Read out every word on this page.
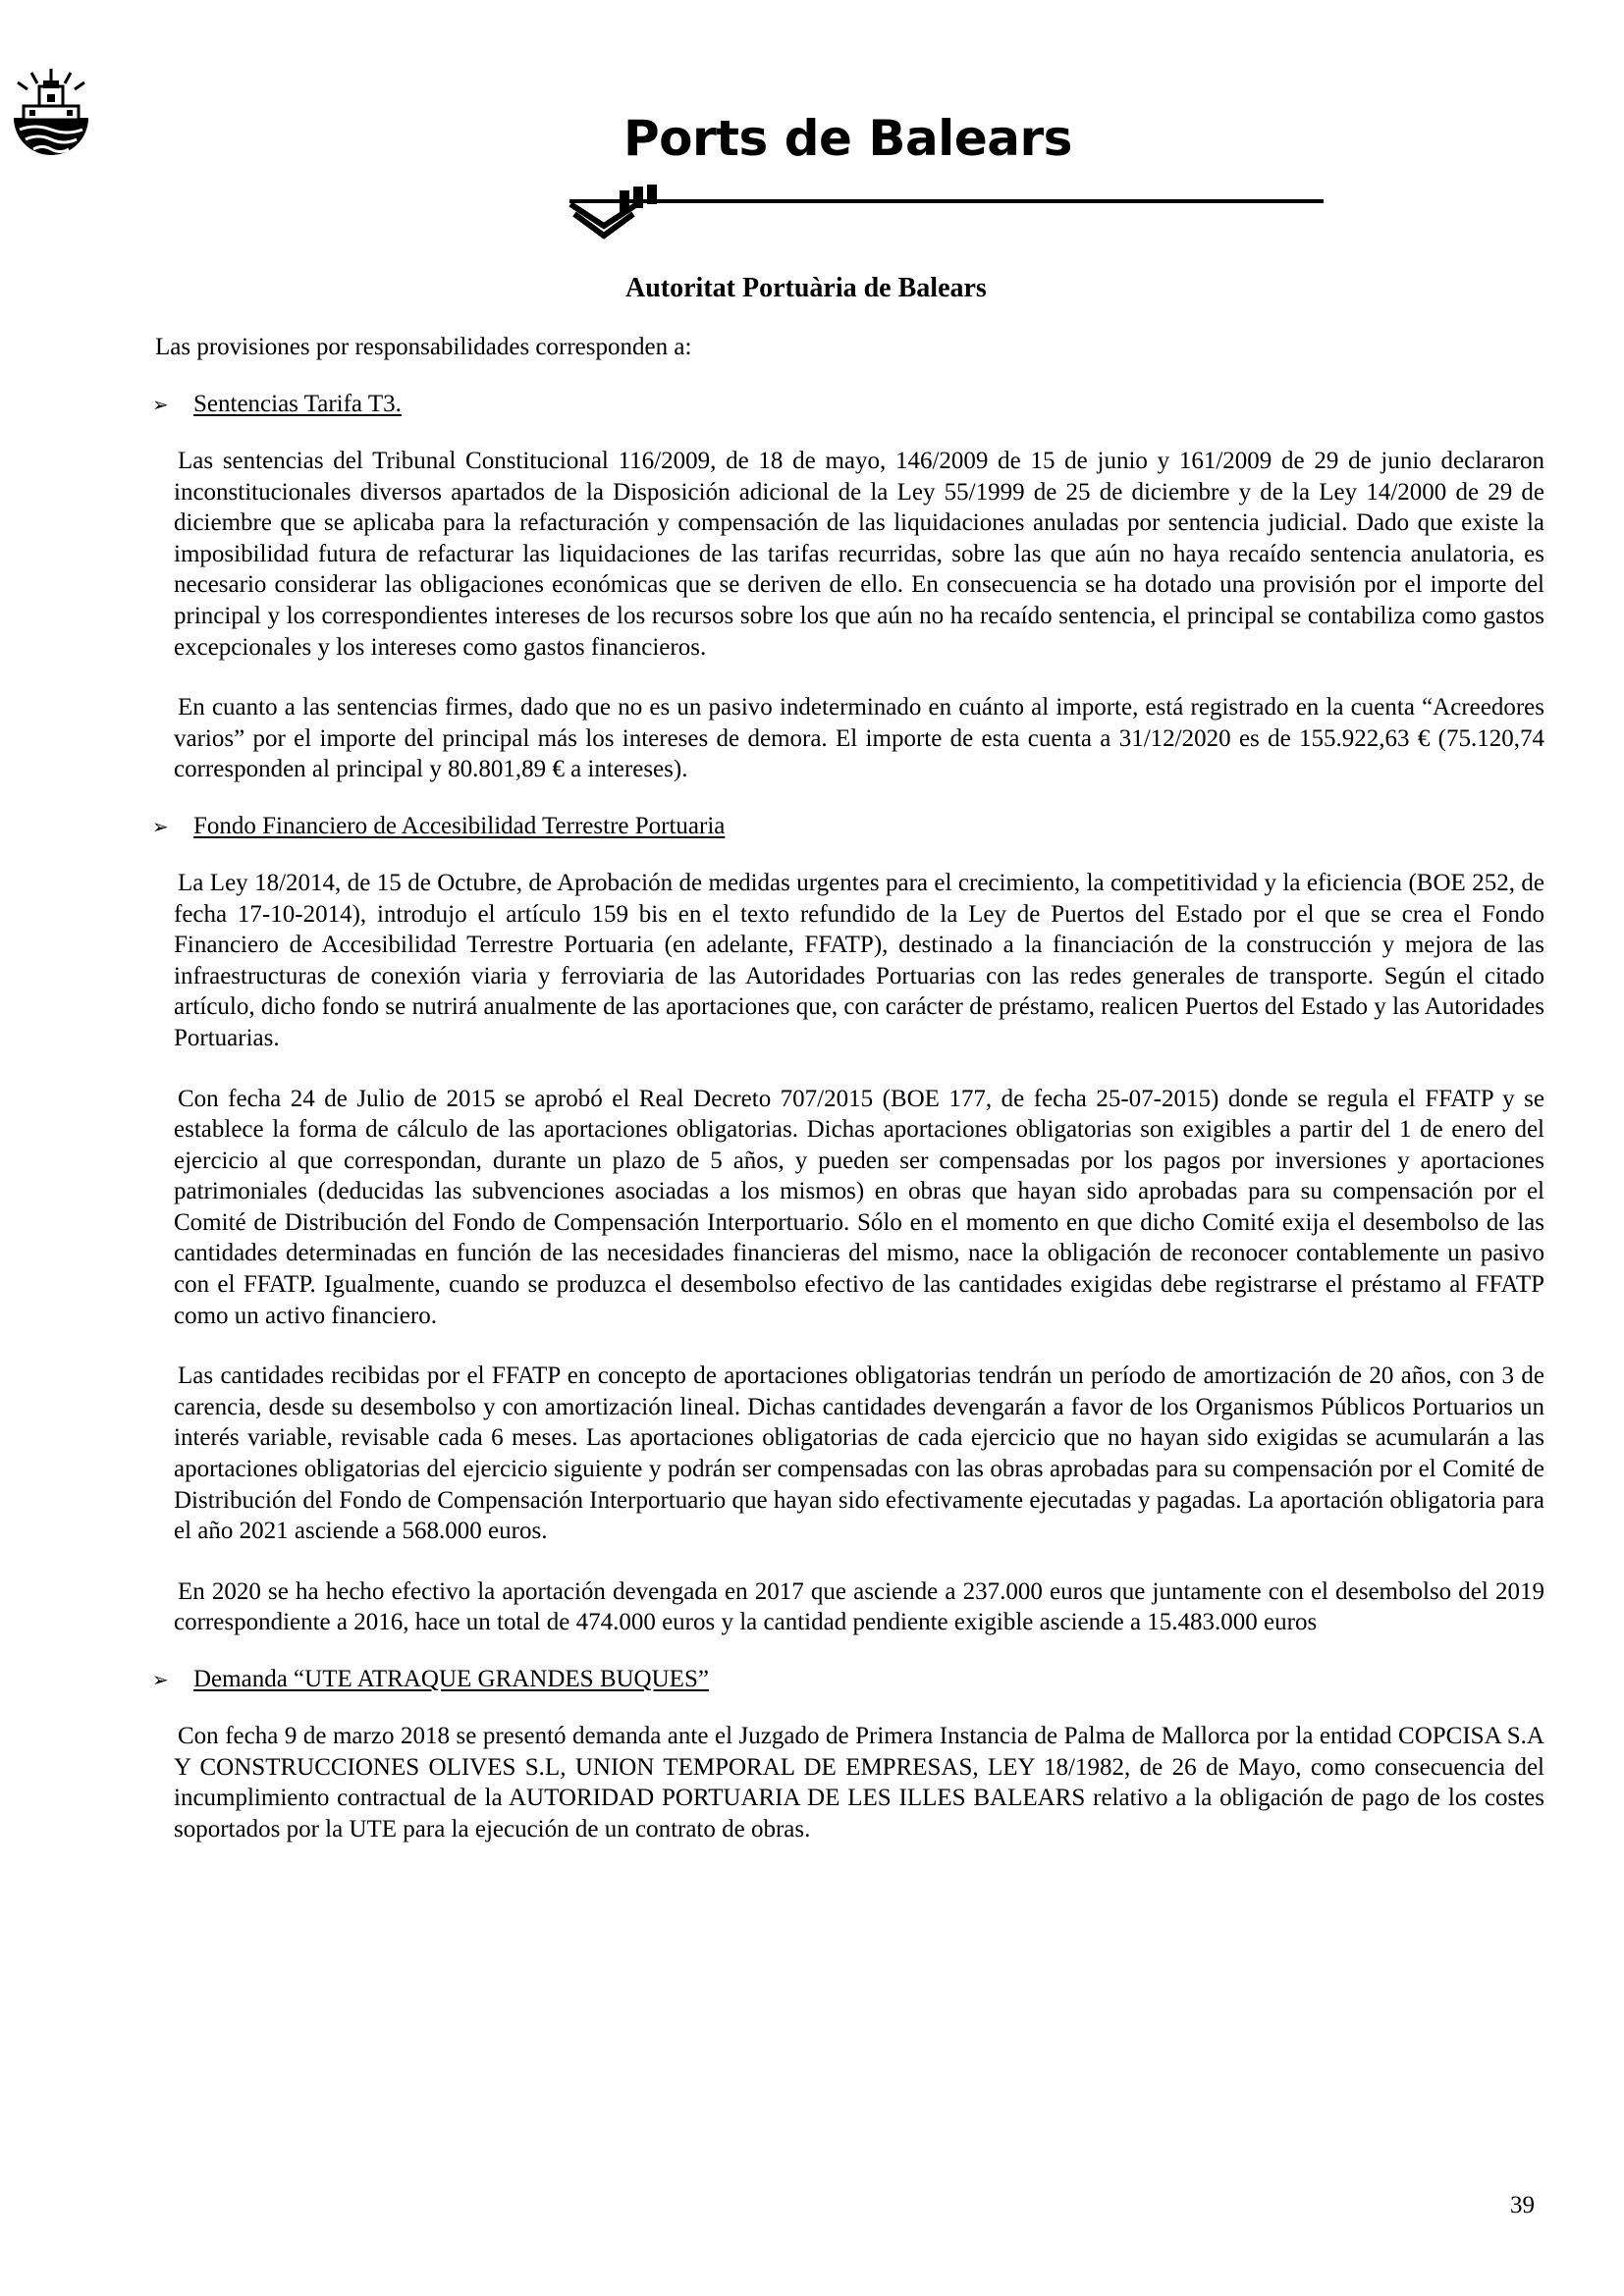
Ports de Balears
Autoritat Portuària de Balears

Las provisiones por responsabilidades corresponden a:

➢	Sentencias Tarifa T3.

Las sentencias del Tribunal Constitucional 116/2009, de 18 de mayo, 146/2009 de 15 de junio y 161/2009 de 29 de junio declararon inconstitucionales diversos apartados de la Disposición adicional de la Ley 55/1999 de 25 de diciembre y de la Ley 14/2000 de 29 de diciembre que se aplicaba para la refacturación y compensación de las liquidaciones anuladas por sentencia judicial. Dado que existe la imposibilidad futura de refacturar las liquidaciones de las tarifas recurridas, sobre las que aún no haya recaído sentencia anulatoria, es necesario considerar las obligaciones económicas que se deriven de ello. En consecuencia se ha dotado una provisión por el importe del principal y los correspondientes intereses de los recursos sobre los que aún no ha recaído sentencia, el principal se contabiliza como gastos excepcionales y los intereses como gastos financieros.

En cuanto a las sentencias firmes, dado que no es un pasivo indeterminado en cuánto al importe, está registrado en la cuenta “Acreedores varios” por el importe del principal más los intereses de demora. El importe de esta cuenta a 31/12/2020 es de 155.922,63 € (75.120,74 corresponden al principal y 80.801,89 € a intereses).

➢	Fondo Financiero de Accesibilidad Terrestre Portuaria

La Ley 18/2014, de 15 de Octubre, de Aprobación de medidas urgentes para el crecimiento, la competitividad y la eficiencia (BOE 252, de fecha 17-10-2014), introdujo el artículo 159 bis en el texto refundido de la Ley de Puertos del Estado por el que se crea el Fondo Financiero de Accesibilidad Terrestre Portuaria (en adelante, FFATP), destinado a la financiación de la construcción y mejora de las infraestructuras de conexión viaria y ferroviaria de las Autoridades Portuarias con las redes generales de transporte. Según el citado artículo, dicho fondo se nutrirá anualmente de las aportaciones que, con carácter de préstamo, realicen Puertos del Estado y las Autoridades Portuarias.

Con fecha 24 de Julio de 2015 se aprobó el Real Decreto 707/2015 (BOE 177, de fecha 25-07-2015) donde se regula el FFATP y se establece la forma de cálculo de las aportaciones obligatorias. Dichas aportaciones obligatorias son exigibles a partir del 1 de enero del ejercicio al que correspondan, durante un plazo de 5 años, y pueden ser compensadas por los pagos por inversiones y aportaciones patrimoniales (deducidas las subvenciones asociadas a los mismos) en obras que hayan sido aprobadas para su compensación por el Comité de Distribución del Fondo de Compensación Interportuario. Sólo en el momento en que dicho Comité exija el desembolso de las cantidades determinadas en función de las necesidades financieras del mismo, nace la obligación de reconocer contablemente un pasivo con el FFATP. Igualmente, cuando se produzca el desembolso efectivo de las cantidades exigidas debe registrarse el préstamo al FFATP como un activo financiero.

Las cantidades recibidas por el FFATP en concepto de aportaciones obligatorias tendrán un período de amortización de 20 años, con 3 de carencia, desde su desembolso y con amortización lineal. Dichas cantidades devengarán a favor de los Organismos Públicos Portuarios un interés variable, revisable cada 6 meses. Las aportaciones obligatorias de cada ejercicio que no hayan sido exigidas se acumularán a las aportaciones obligatorias del ejercicio siguiente y podrán ser compensadas con las obras aprobadas para su compensación por el Comité de Distribución del Fondo de Compensación Interportuario que hayan sido efectivamente ejecutadas y pagadas. La aportación obligatoria para el año 2021 asciende a 568.000 euros.

En 2020 se ha hecho efectivo la aportación devengada en 2017 que asciende a 237.000 euros que juntamente con el desembolso del 2019 correspondiente a 2016, hace un total de 474.000 euros y la cantidad pendiente exigible asciende a 15.483.000 euros

➢	Demanda “UTE ATRAQUE GRANDES BUQUES”

Con fecha 9 de marzo 2018 se presentó demanda ante el Juzgado de Primera Instancia de Palma de Mallorca por la entidad COPCISA S.A Y CONSTRUCCIONES OLIVES S.L, UNION TEMPORAL DE EMPRESAS, LEY 18/1982, de 26 de Mayo, como consecuencia del incumplimiento contractual de la AUTORIDAD PORTUARIA DE LES ILLES BALEARS relativo a la obligación de pago de los costes soportados por la UTE para la ejecución de un contrato de obras.

39
